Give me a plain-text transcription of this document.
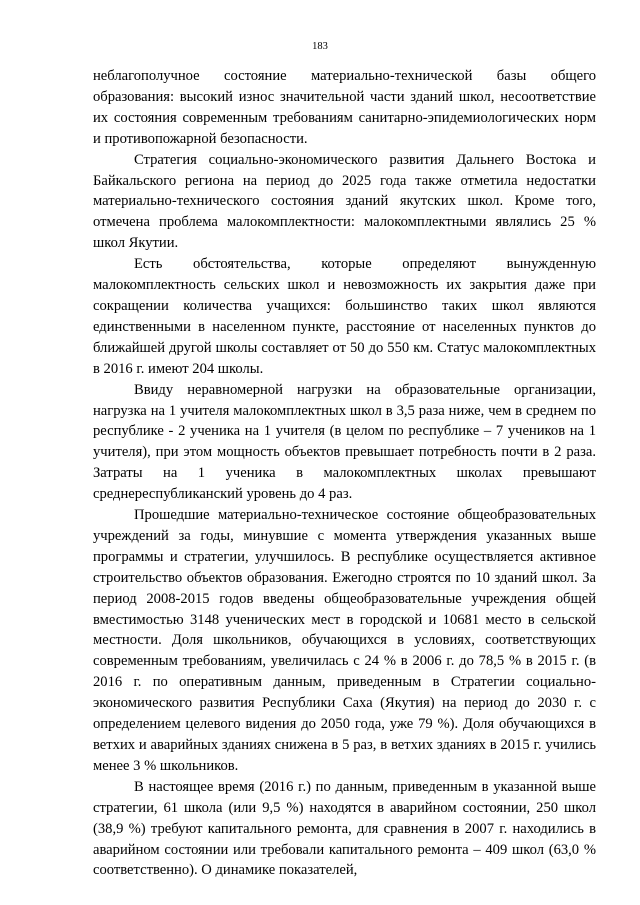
183

неблагополучное состояние материально-технической базы общего образования: высокий износ значительной части зданий школ, несоответствие их состояния современным требованиям санитарно-эпидемиологических норм и противопожарной безопасности.

Стратегия социально-экономического развития Дальнего Востока и Байкальского региона на период до 2025 года также отметила недостатки материально-технического состояния зданий якутских школ. Кроме того, отмечена проблема малокомплектности: малокомплектными являлись 25 % школ Якутии.

Есть обстоятельства, которые определяют вынужденную малокомплектность сельских школ и невозможность их закрытия даже при сокращении количества учащихся: большинство таких школ являются единственными в населенном пункте, расстояние от населенных пунктов до ближайшей другой школы составляет от 50 до 550 км. Статус малокомплектных в 2016 г. имеют 204 школы.

Ввиду неравномерной нагрузки на образовательные организации, нагрузка на 1 учителя малокомплектных школ в 3,5 раза ниже, чем в среднем по республике - 2 ученика на 1 учителя (в целом по республике – 7 учеников на 1 учителя), при этом мощность объектов превышает потребность почти в 2 раза. Затраты на 1 ученика в малокомплектных школах превышают среднереспубликанский уровень до 4 раз.

Прошедшие материально-техническое состояние общеобразовательных учреждений за годы, минувшие с момента утверждения указанных выше программы и стратегии, улучшилось. В республике осуществляется активное строительство объектов образования. Ежегодно строятся по 10 зданий школ. За период 2008-2015 годов введены общеобразовательные учреждения общей вместимостью 3148 ученических мест в городской и 10681 место в сельской местности. Доля школьников, обучающихся в условиях, соответствующих современным требованиям, увеличилась с 24 % в 2006 г. до 78,5 % в 2015 г. (в 2016 г. по оперативным данным, приведенным в Стратегии социально-экономического развития Республики Саха (Якутия) на период до 2030 г. с определением целевого видения до 2050 года, уже 79 %). Доля обучающихся в ветхих и аварийных зданиях снижена в 5 раз, в ветхих зданиях в 2015 г. учились менее 3 % школьников.

В настоящее время (2016 г.) по данным, приведенным в указанной выше стратегии, 61 школа (или 9,5 %) находятся в аварийном состоянии, 250 школ (38,9 %) требуют капитального ремонта, для сравнения в 2007 г. находились в аварийном состоянии или требовали капитального ремонта – 409 школ (63,0 % соответственно). О динамике показателей,
